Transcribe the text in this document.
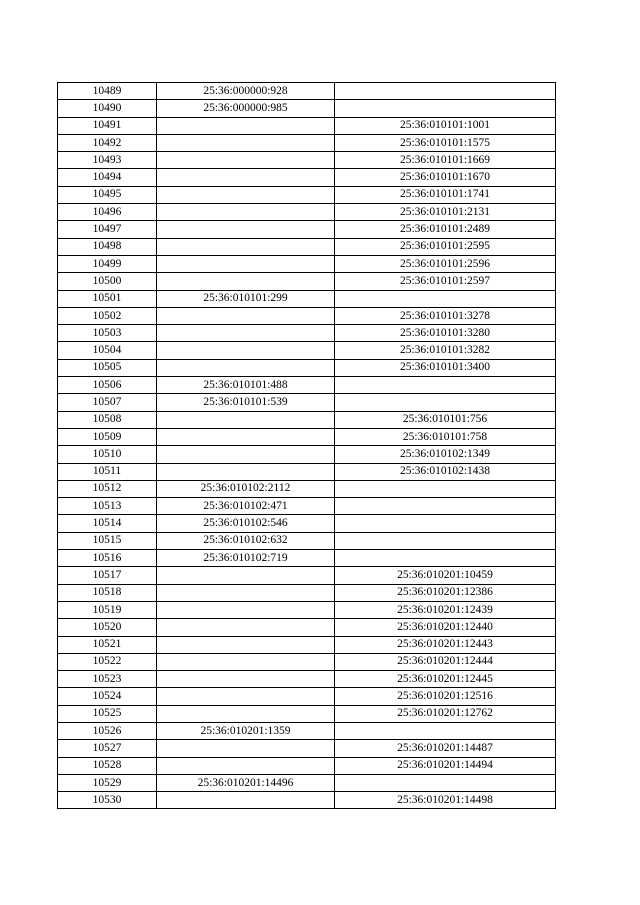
10489	25:36:000000:928	
10490	25:36:000000:985	
10491		25:36:010101:1001
10492		25:36:010101:1575
10493		25:36:010101:1669
10494		25:36:010101:1670
10495		25:36:010101:1741
10496		25:36:010101:2131
10497		25:36:010101:2489
10498		25:36:010101:2595
10499		25:36:010101:2596
10500		25:36:010101:2597
10501	25:36:010101:299	
10502		25:36:010101:3278
10503		25:36:010101:3280
10504		25:36:010101:3282
10505		25:36:010101:3400
10506	25:36:010101:488	
10507	25:36:010101:539	
10508		25:36:010101:756
10509		25:36:010101:758
10510		25:36:010102:1349
10511		25:36:010102:1438
10512	25:36:010102:2112	
10513	25:36:010102:471	
10514	25:36:010102:546	
10515	25:36:010102:632	
10516	25:36:010102:719	
10517		25:36:010201:10459
10518		25:36:010201:12386
10519		25:36:010201:12439
10520		25:36:010201:12440
10521		25:36:010201:12443
10522		25:36:010201:12444
10523		25:36:010201:12445
10524		25:36:010201:12516
10525		25:36:010201:12762
10526	25:36:010201:1359	
10527		25:36:010201:14487
10528		25:36:010201:14494
10529	25:36:010201:14496	
10530		25:36:010201:14498
